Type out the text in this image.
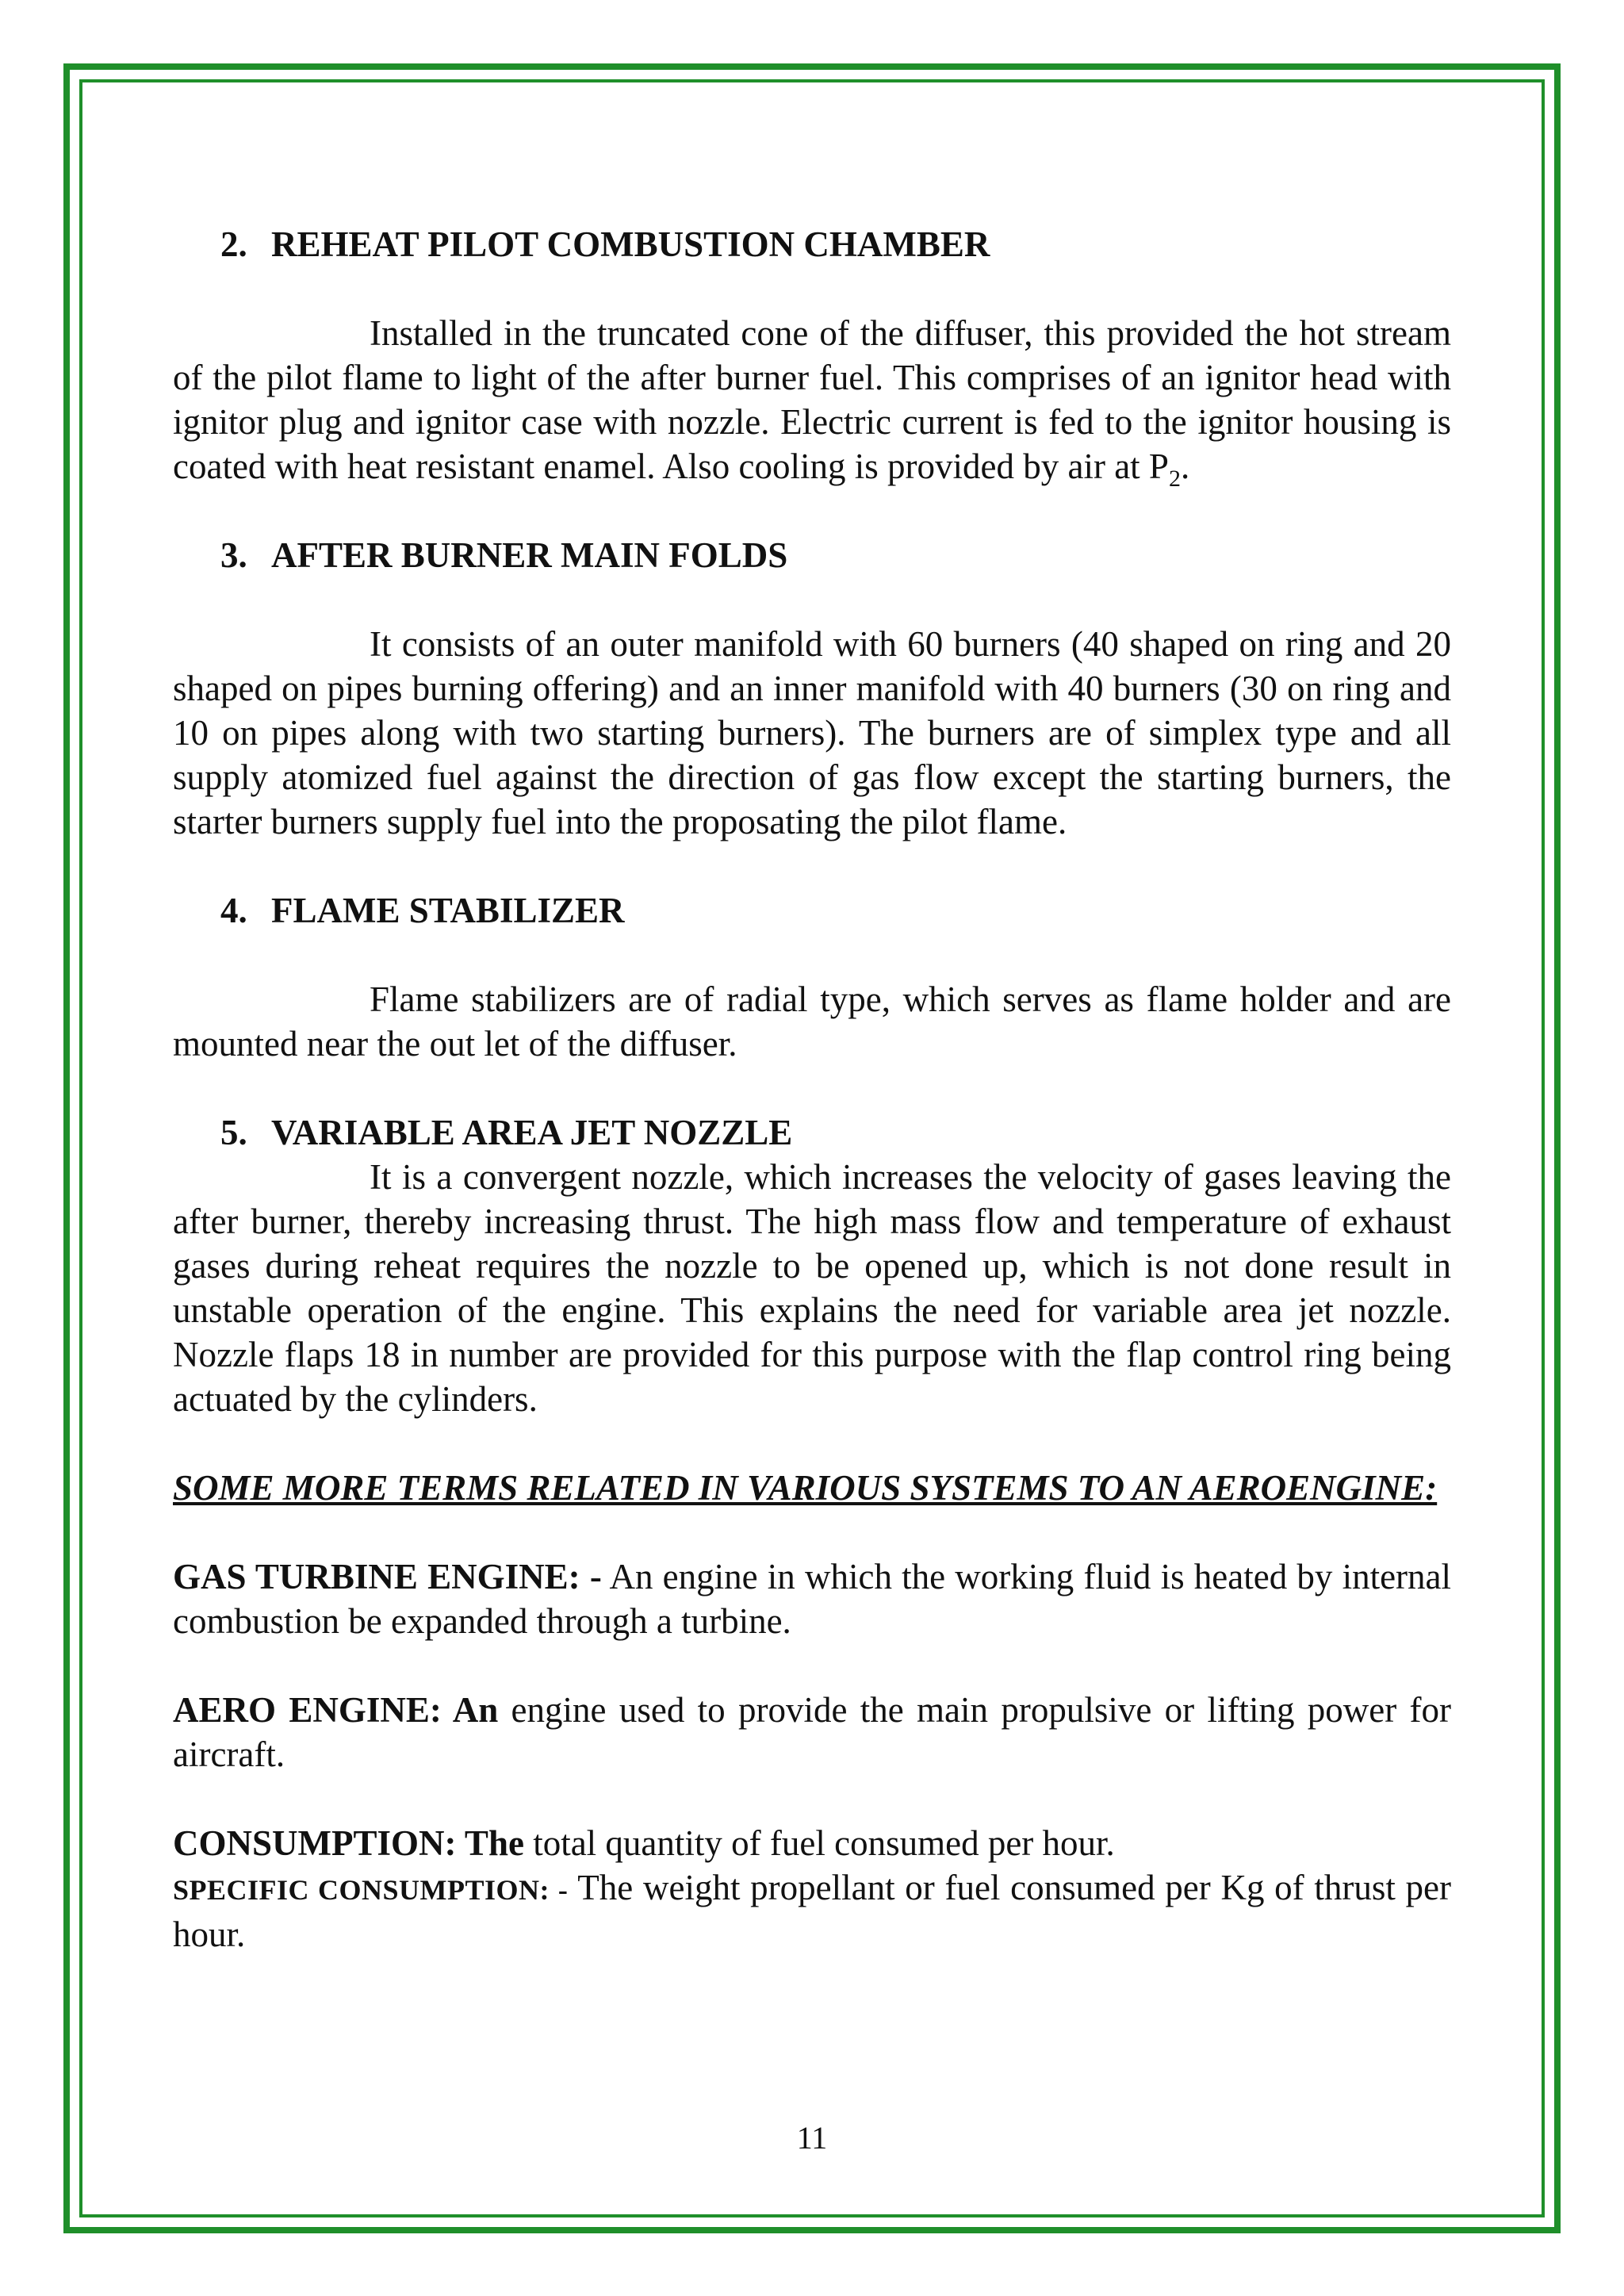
2. REHEAT PILOT COMBUSTION CHAMBER

Installed in the truncated cone of the diffuser, this provided the hot stream of the pilot flame to light of the after burner fuel. This comprises of an ignitor head with ignitor plug and ignitor case with nozzle. Electric current is fed to the ignitor housing is coated with heat resistant enamel. Also cooling is provided by air at $P_2$.

3. AFTER BURNER MAIN FOLDS

It consists of an outer manifold with 60 burners (40 shaped on ring and 20 shaped on pipes burning offering) and an inner manifold with 40 burners (30 on ring and 10 on pipes along with two starting burners). The burners are of simplex type and all supply atomized fuel against the direction of gas flow except the starting burners, the starter burners supply fuel into the proposating the pilot flame.

4. FLAME STABILIZER

Flame stabilizers are of radial type, which serves as flame holder and are mounted near the out let of the diffuser.

5. VARIABLE AREA JET NOZZLE

It is a convergent nozzle, which increases the velocity of gases leaving the after burner, thereby increasing thrust. The high mass flow and temperature of exhaust gases during reheat requires the nozzle to be opened up, which is not done result in unstable operation of the engine. This explains the need for variable area jet nozzle. Nozzle flaps 18 in number are provided for this purpose with the flap control ring being actuated by the cylinders.

SOME MORE TERMS RELATED IN VARIOUS SYSTEMS TO AN AEROENGINE:

GAS TURBINE ENGINE: - An engine in which the working fluid is heated by internal combustion be expanded through a turbine.

AERO ENGINE: An engine used to provide the main propulsive or lifting power for aircraft.

CONSUMPTION: The total quantity of fuel consumed per hour.

SPECIFIC CONSUMPTION: - The weight propellant or fuel consumed per Kg of thrust per hour.

11
